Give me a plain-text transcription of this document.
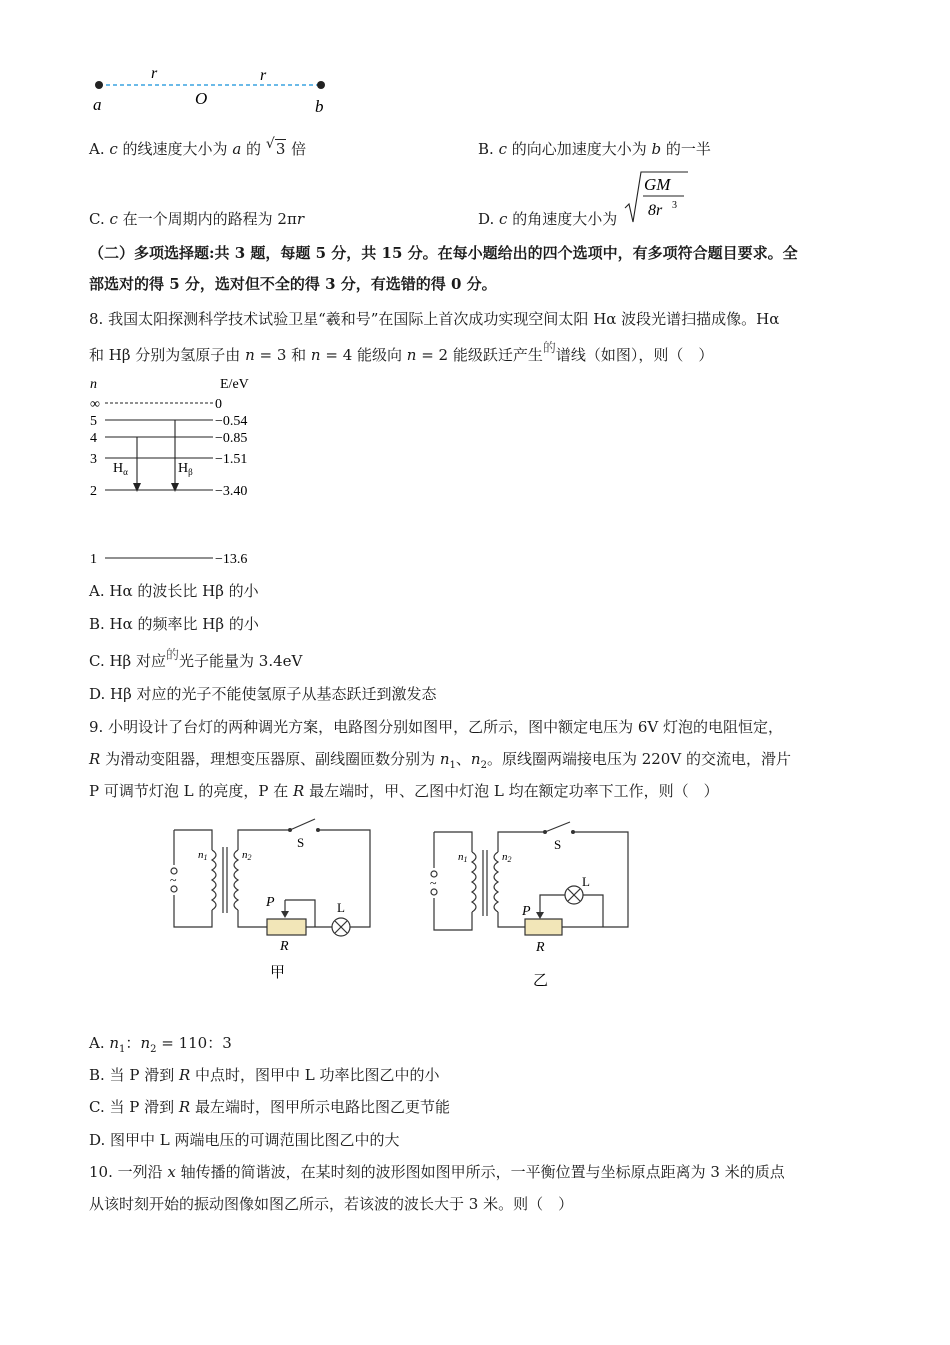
a	b
O
r	r
A. c 的线速度大小为 a 的 √ 3 倍	B. c 的向心加速度大小为 b 的一半
C. c 在一个周期内的路程为 2πr	D. c 的角速度大小为
GM
8r 3
（二）多项选择题:共 3 题，每题 5 分，共 15 分。在每小题给出的四个选项中，有多项符合题目要求。全
部选对的得 5 分，选对但不全的得 3 分，有选错的得 0 分。
8. 我国太阳探测科学技术试验卫星“羲和号”在国际上首次成功实现空间太阳 Hα 波段光谱扫描成像。Hα
和 Hβ 分别为氢原子由 n = 3 和 n = 4 能级向 n = 2 能级跃迁产生的谱线（如图），则（　）
n	E/eV
∞	0
5	−0.54
4	−0.85
3	−1.51
2	−3.40
1	−13.6
$H_\alpha$	$H_\beta$
A. Hα 的波长比 Hβ 的小
B. Hα 的频率比 Hβ 的小
C. Hβ 对应的光子能量为 3.4eV
D. Hβ 对应的光子不能使氢原子从基态跃迁到激发态
9. 小明设计了台灯的两种调光方案，电路图分别如图甲，乙所示，图中额定电压为 6V 灯泡的电阻恒定，
R 为滑动变阻器，理想变压器原、副线圈匝数分别为 $n_1$、$n_2$。原线圈两端接电压为 220V 的交流电，滑片
P 可调节灯泡 L 的亮度，P 在 R 最左端时，甲、乙图中灯泡 L 均在额定功率下工作，则（　）
~
n1	n2
S
P
R
L
甲
~
n1	n2
S
P
R
L
乙
A. $n_1$：$n_2 = 110$：3
B. 当 P 滑到 R 中点时，图甲中 L 功率比图乙中的小
C. 当 P 滑到 R 最左端时，图甲所示电路比图乙更节能
D. 图甲中 L 两端电压的可调范围比图乙中的大
10. 一列沿 x 轴传播的简谐波，在某时刻的波形图如图甲所示，一平衡位置与坐标原点距离为 3 米的质点
从该时刻开始的振动图像如图乙所示，若该波的波长大于 3 米。则（　）
